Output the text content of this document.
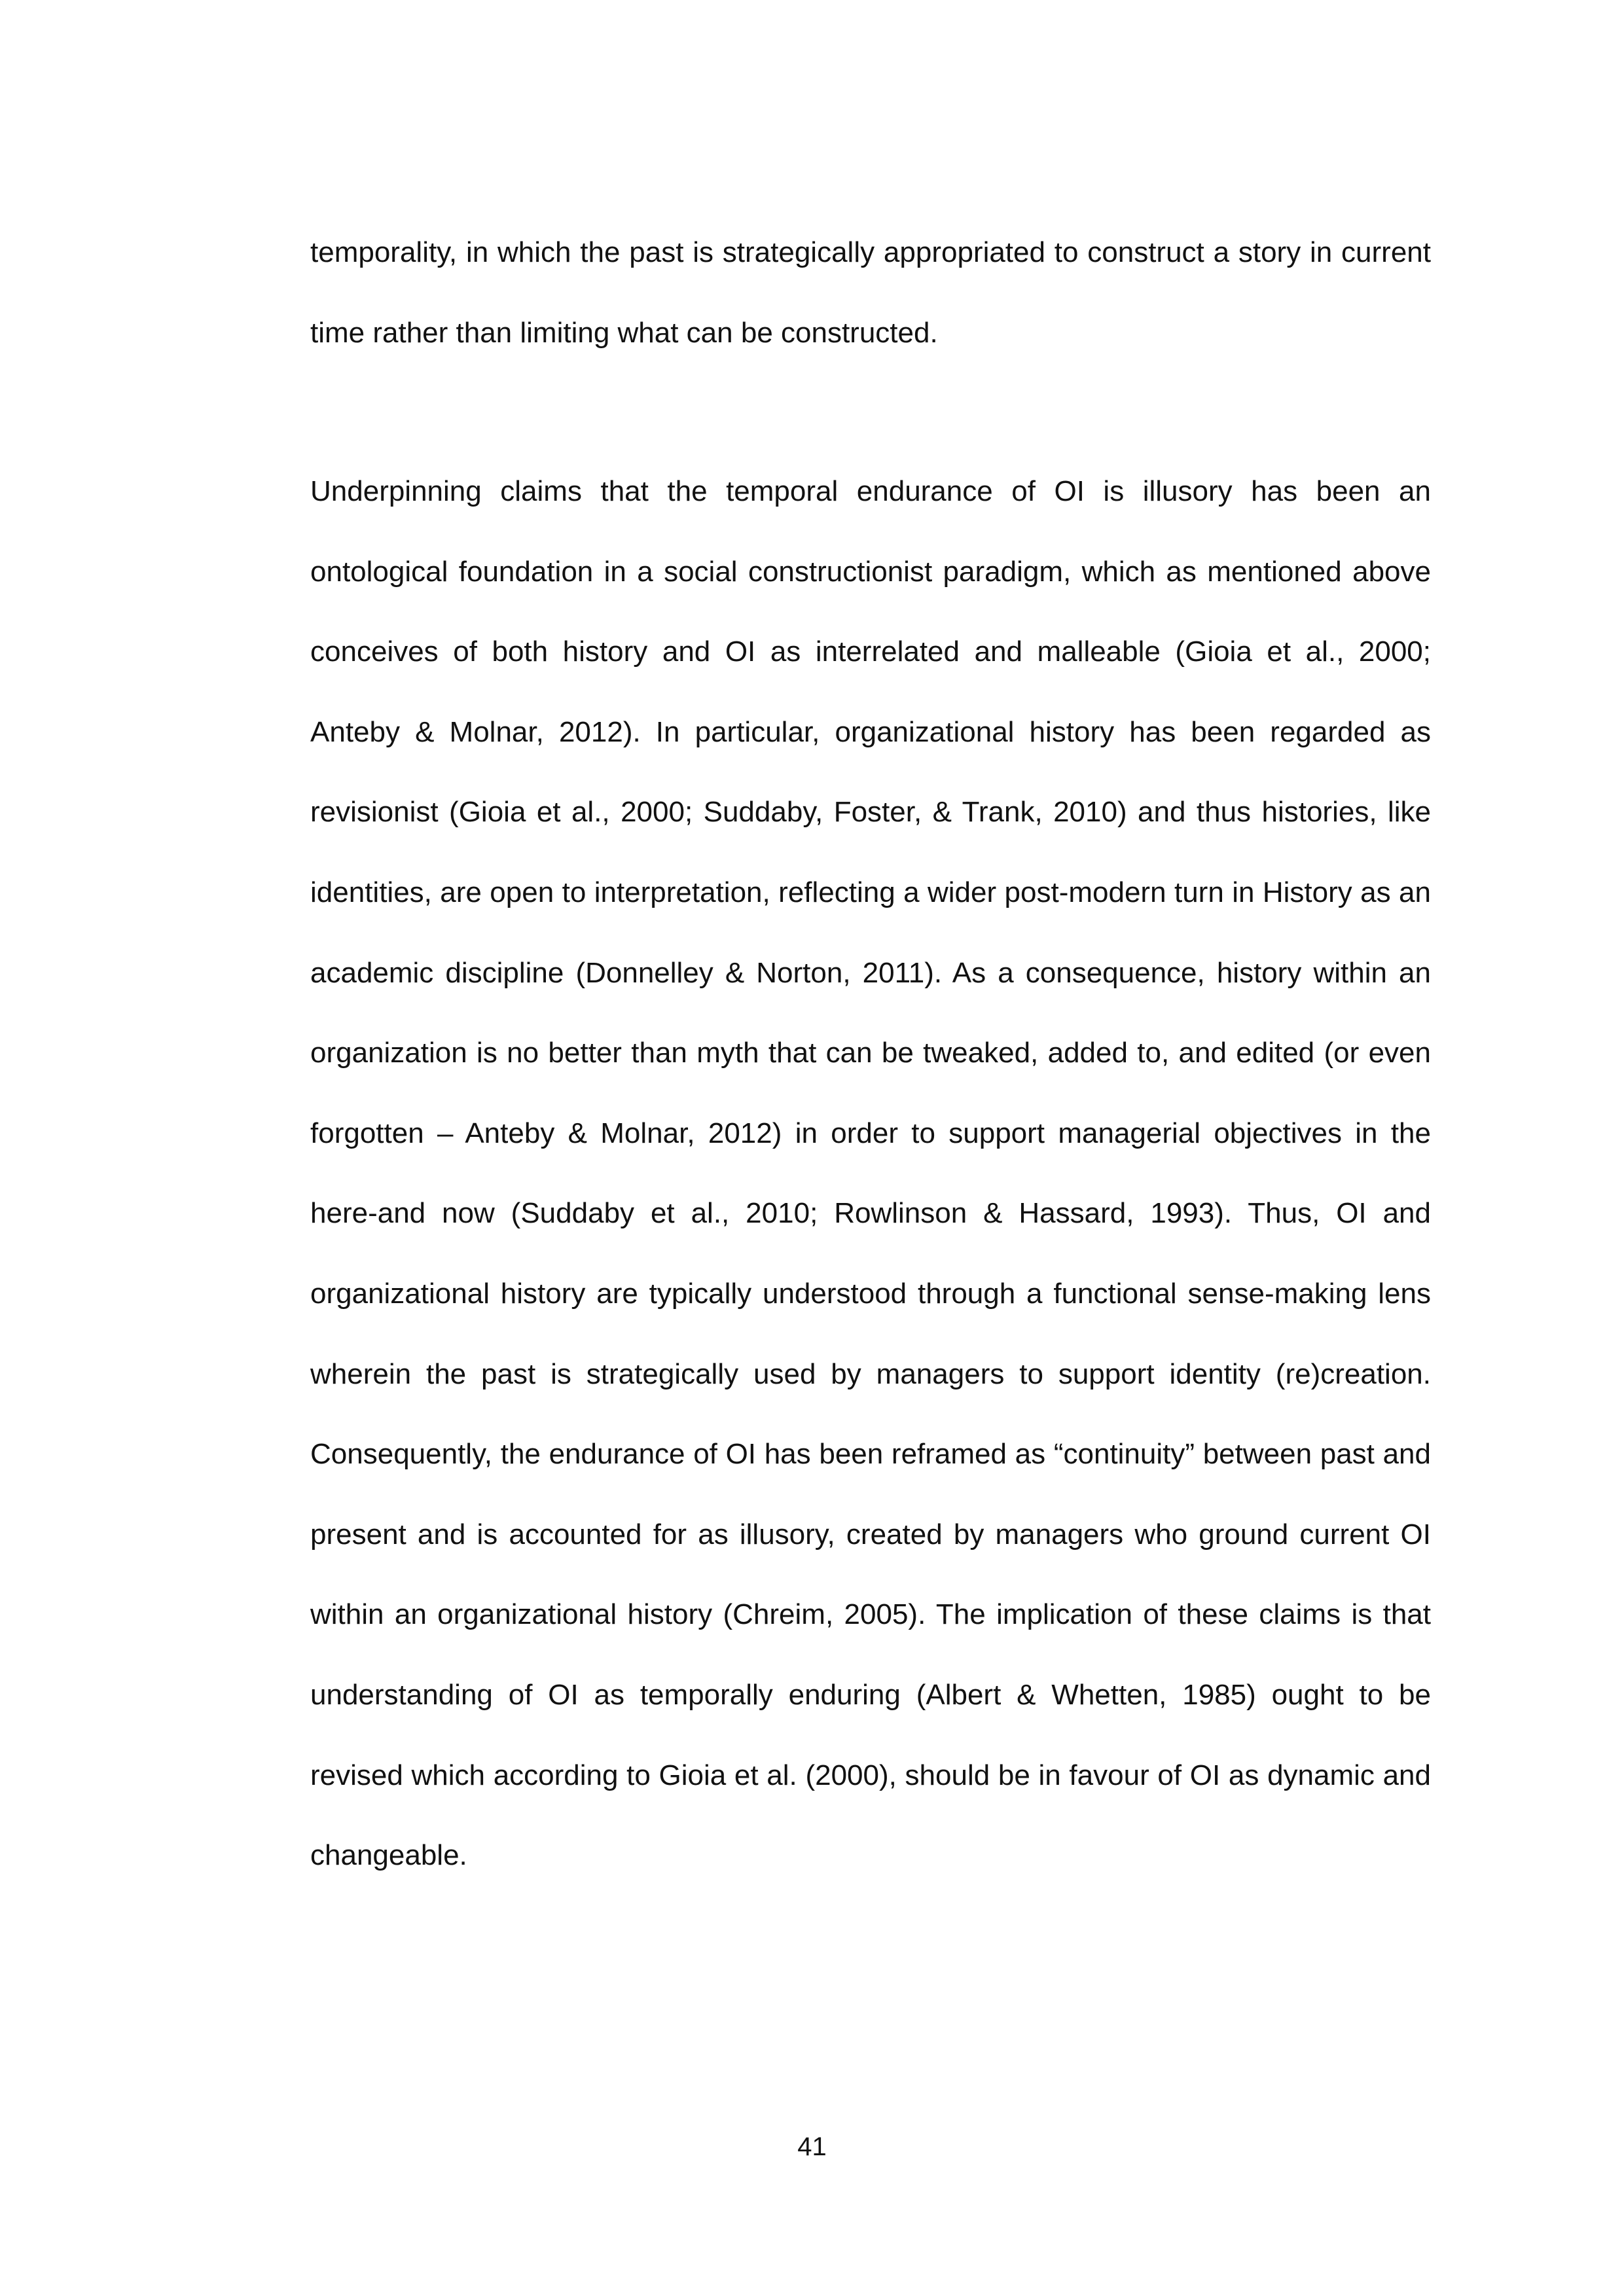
temporality, in which the past is strategically appropriated to construct a story in current time rather than limiting what can be constructed.

Underpinning claims that the temporal endurance of OI is illusory has been an ontological foundation in a social constructionist paradigm, which as mentioned above conceives of both history and OI as interrelated and malleable (Gioia et al., 2000; Anteby & Molnar, 2012). In particular, organizational history has been regarded as revisionist (Gioia et al., 2000; Suddaby, Foster, & Trank, 2010) and thus histories, like identities, are open to interpretation, reflecting a wider post-modern turn in History as an academic discipline (Donnelley & Norton, 2011). As a consequence, history within an organization is no better than myth that can be tweaked, added to, and edited (or even forgotten – Anteby & Molnar, 2012) in order to support managerial objectives in the here-and now (Suddaby et al., 2010; Rowlinson & Hassard, 1993). Thus, OI and organizational history are typically understood through a functional sense-making lens wherein the past is strategically used by managers to support identity (re)creation. Consequently, the endurance of OI has been reframed as “continuity” between past and present and is accounted for as illusory, created by managers who ground current OI within an organizational history (Chreim, 2005). The implication of these claims is that understanding of OI as temporally enduring (Albert & Whetten, 1985) ought to be revised which according to Gioia et al. (2000), should be in favour of OI as dynamic and changeable.

41
